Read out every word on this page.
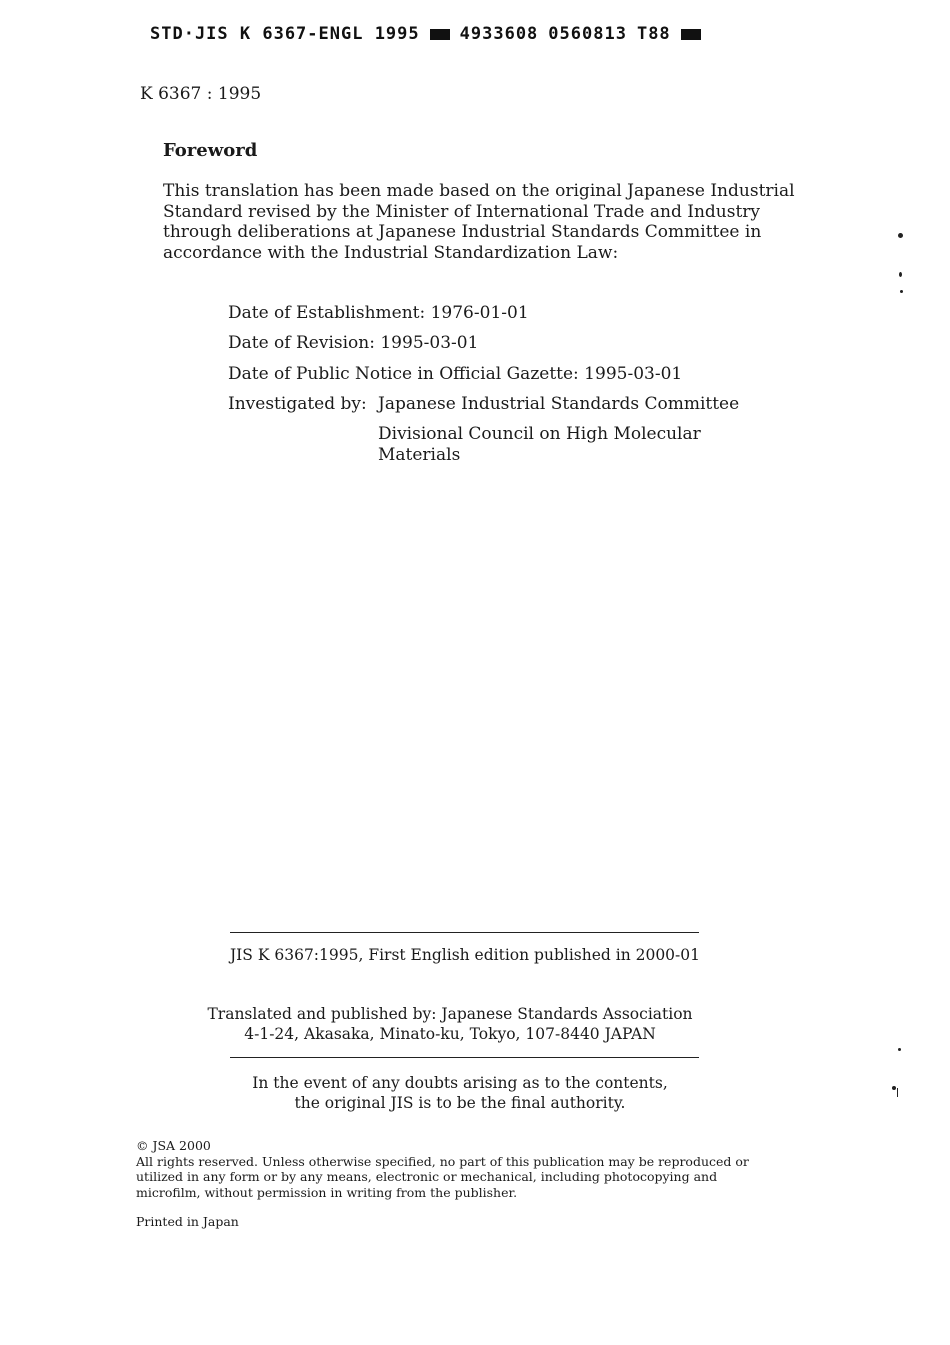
STD·JIS K 6367-ENGL 1995 4933608 0560813 T88
K 6367 : 1995
Foreword
This translation has been made based on the original Japanese Industrial
Standard revised by the Minister of International Trade and Industry
through deliberations at Japanese Industrial Standards Committee in
accordance with the Industrial Standardization Law:
Date of Establishment: 1976-01-01
Date of Revision: 1995-03-01
Date of Public Notice in Official Gazette: 1995-03-01
Investigated by: Japanese Industrial Standards Committee
Divisional Council on High Molecular
Materials
JIS K 6367:1995, First English edition published in 2000-01
Translated and published by: Japanese Standards Association
4-1-24, Akasaka, Minato-ku, Tokyo, 107-8440 JAPAN
In the event of any doubts arising as to the contents,
the original JIS is to be the final authority.
© JSA 2000
All rights reserved. Unless otherwise specified, no part of this publication may be reproduced or
utilized in any form or by any means, electronic or mechanical, including photocopying and
microfilm, without permission in writing from the publisher.
Printed in Japan
